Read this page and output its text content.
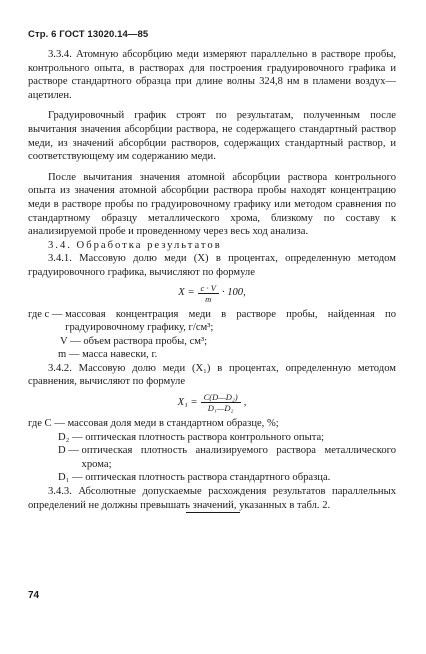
Стр. 6 ГОСТ 13020.14—85

3.3.4. Атомную абсорбцию меди измеряют параллельно в растворе пробы, контрольного опыта, в растворах для построения градуировочного графика и растворе стандартного образца при длине волны 324,8 нм в пламени воздух—ацетилен.

Градуировочный график строят по результатам, полученным после вычитания значения абсорбции раствора, не содержащего стандартный раствор меди, из значений абсорбции растворов, содержащих стандартный раствор, и соответствующему им содержанию меди.

После вычитания значения атомной абсорбции раствора контрольного опыта из значения атомной абсорбции раствора пробы находят концентрацию меди в растворе пробы по градуировочному графику или методом сравнения по стандартному образцу металлического хрома, близкому по составу к анализируемой пробе и проведенному через весь ход анализа.

3.4. Обработка результатов

3.4.1. Массовую долю меди (X) в процентах, определенную методом градуировочного графика, вычисляют по формуле

$X = \frac{c \cdot V}{m} \cdot 100$,
где c — массовая концентрация меди в растворе пробы, найденная по градуировочному графику, г/см³;
V — объем раствора пробы, см³;
m — масса навески, г.

3.4.2. Массовую долю меди (X₁) в процентах, определенную методом сравнения, вычисляют по формуле

$X_1 = \frac{\text{C(D—D₂)}}{\text{D₁—D₂}}$ ,
где C — массовая доля меди в стандартном образце, %;
D₂ — оптическая плотность раствора контрольного опыта;
D — оптическая плотность анализируемого раствора металлического хрома;
D₁ — оптическая плотность раствора стандартного образца.

3.4.3. Абсолютные допускаемые расхождения результатов параллельных определений не должны превышать значений, указанных в табл. 2.

74
